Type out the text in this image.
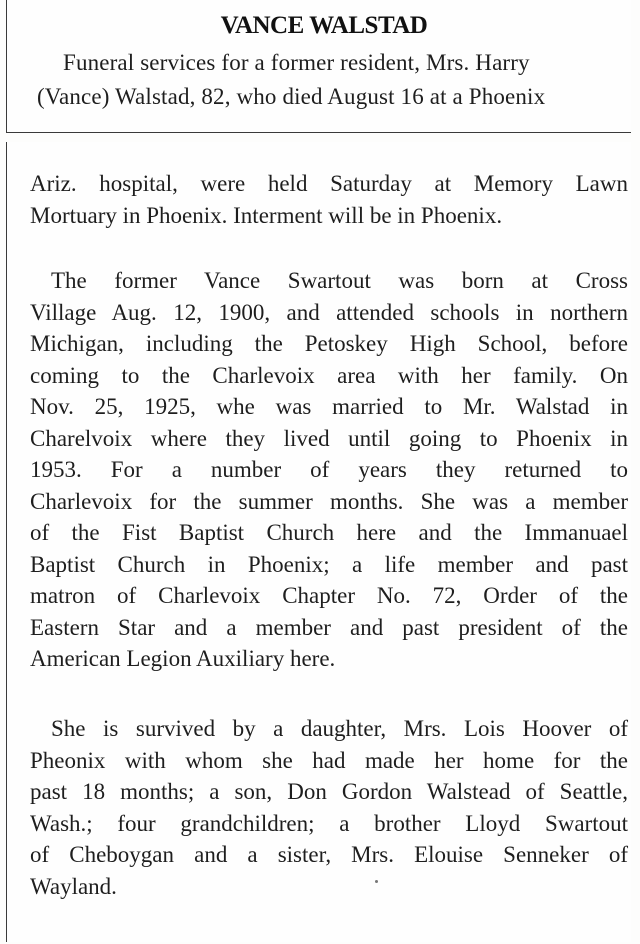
VANCE WALSTAD
Funeral services for a former resident, Mrs. Harry
(Vance) Walstad, 82, who died August 16 at a Phoenix
Ariz. hospital, were held Saturday at Memory Lawn
Mortuary in Phoenix. Interment will be in Phoenix.
The former Vance Swartout was born at Cross
Village Aug. 12, 1900, and attended schools in northern
Michigan, including the Petoskey High School, before
coming to the Charlevoix area with her family. On
Nov. 25, 1925, whe was married to Mr. Walstad in
Charelvoix where they lived until going to Phoenix in
1953. For a number of years they returned to
Charlevoix for the summer months. She was a member
of the Fist Baptist Church here and the Immanuael
Baptist Church in Phoenix; a life member and past
matron of Charlevoix Chapter No. 72, Order of the
Eastern Star and a member and past president of the
American Legion Auxiliary here.
She is survived by a daughter, Mrs. Lois Hoover of
Pheonix with whom she had made her home for the
past 18 months; a son, Don Gordon Walstead of Seattle,
Wash.; four grandchildren; a brother Lloyd Swartout
of Cheboygan and a sister, Mrs. Elouise Senneker of
Wayland.
